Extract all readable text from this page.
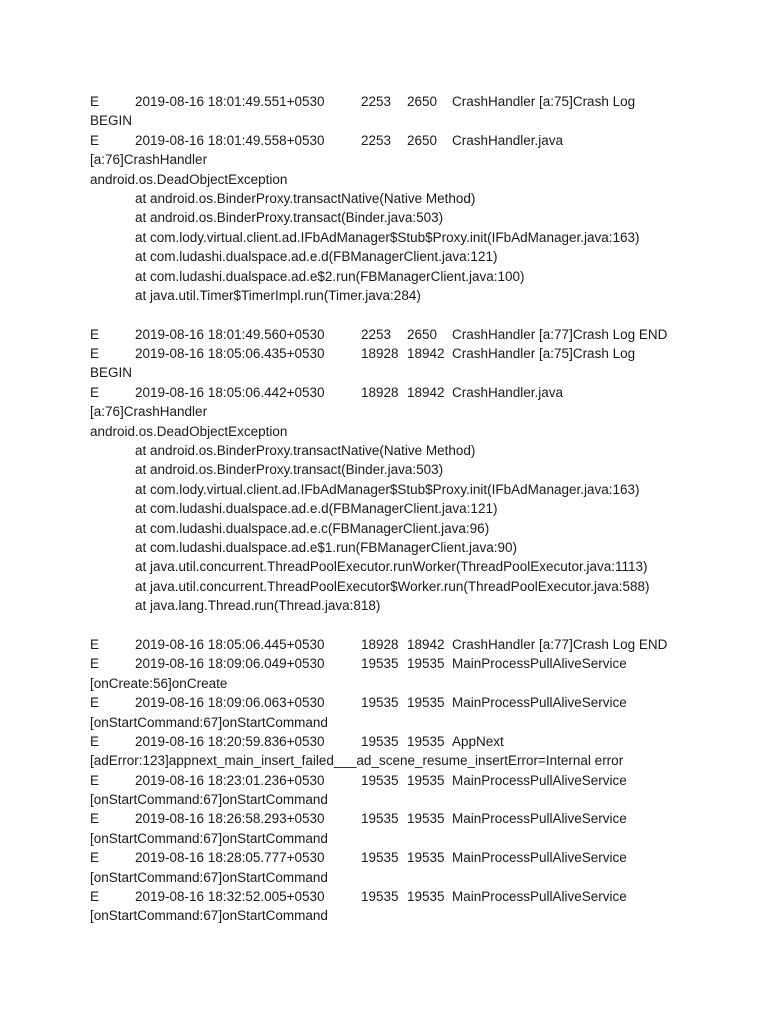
E	2019-08-16 18:01:49.551+0530	2253 2650 CrashHandler [a:75]Crash Log
BEGIN
E	2019-08-16 18:01:49.558+0530	2253 2650 CrashHandler.java
[a:76]CrashHandler
android.os.DeadObjectException
at android.os.BinderProxy.transactNative(Native Method)
at android.os.BinderProxy.transact(Binder.java:503)
at com.lody.virtual.client.ad.IFbAdManager$Stub$Proxy.init(IFbAdManager.java:163)
at com.ludashi.dualspace.ad.e.d(FBManagerClient.java:121)
at com.ludashi.dualspace.ad.e$2.run(FBManagerClient.java:100)
at java.util.Timer$TimerImpl.run(Timer.java:284)
E	2019-08-16 18:01:49.560+0530	2253 2650 CrashHandler [a:77]Crash Log END
E	2019-08-16 18:05:06.435+0530	18928 18942 CrashHandler [a:75]Crash Log
BEGIN
E	2019-08-16 18:05:06.442+0530	18928 18942 CrashHandler.java
[a:76]CrashHandler
android.os.DeadObjectException
at android.os.BinderProxy.transactNative(Native Method)
at android.os.BinderProxy.transact(Binder.java:503)
at com.lody.virtual.client.ad.IFbAdManager$Stub$Proxy.init(IFbAdManager.java:163)
at com.ludashi.dualspace.ad.e.d(FBManagerClient.java:121)
at com.ludashi.dualspace.ad.e.c(FBManagerClient.java:96)
at com.ludashi.dualspace.ad.e$1.run(FBManagerClient.java:90)
at java.util.concurrent.ThreadPoolExecutor.runWorker(ThreadPoolExecutor.java:1113)
at java.util.concurrent.ThreadPoolExecutor$Worker.run(ThreadPoolExecutor.java:588)
at java.lang.Thread.run(Thread.java:818)
E	2019-08-16 18:05:06.445+0530	18928 18942 CrashHandler [a:77]Crash Log END
E	2019-08-16 18:09:06.049+0530	19535 19535 MainProcessPullAliveService
[onCreate:56]onCreate
E	2019-08-16 18:09:06.063+0530	19535 19535 MainProcessPullAliveService
[onStartCommand:67]onStartCommand
E	2019-08-16 18:20:59.836+0530	19535 19535 AppNext
[adError:123]appnext_main_insert_failed___ad_scene_resume_insertError=Internal error
E	2019-08-16 18:23:01.236+0530	19535 19535 MainProcessPullAliveService
[onStartCommand:67]onStartCommand
E	2019-08-16 18:26:58.293+0530	19535 19535 MainProcessPullAliveService
[onStartCommand:67]onStartCommand
E	2019-08-16 18:28:05.777+0530	19535 19535 MainProcessPullAliveService
[onStartCommand:67]onStartCommand
E	2019-08-16 18:32:52.005+0530	19535 19535 MainProcessPullAliveService
[onStartCommand:67]onStartCommand
